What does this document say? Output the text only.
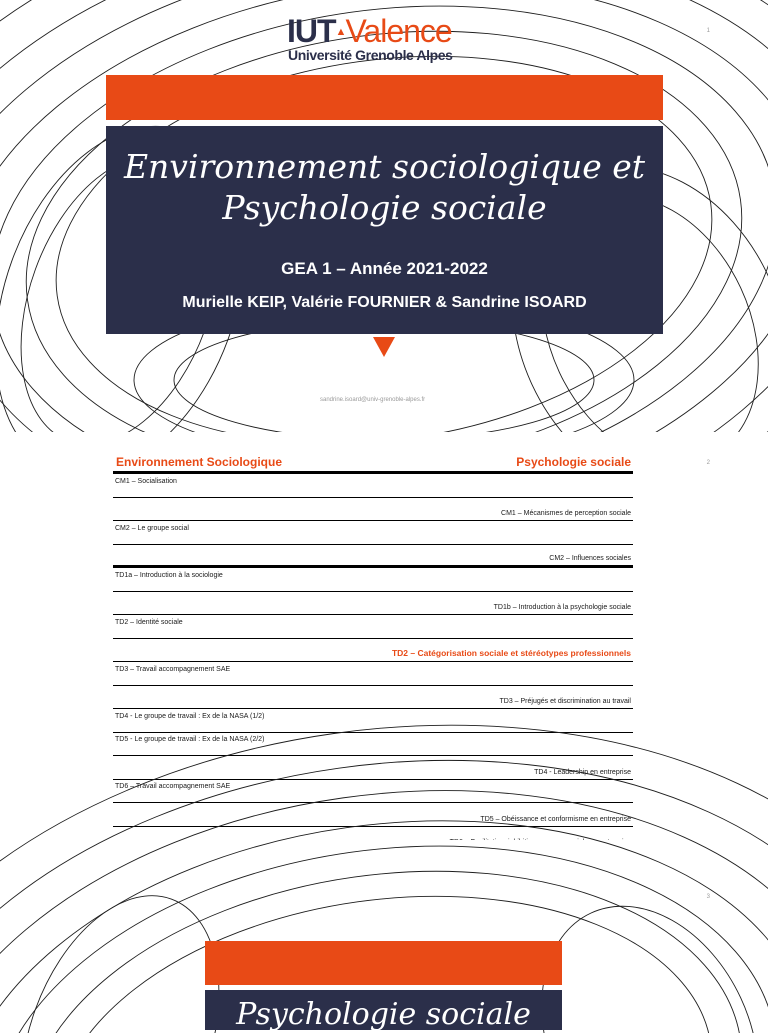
1
IUT▲Valence
Université Grenoble Alpes
Environnement sociologique et
Psychologie sociale
GEA 1 – Année 2021-2022
Murielle KEIP, Valérie FOURNIER & Sandrine ISOARD
sandrine.isoard@univ-grenoble-alpes.fr
2
Environnement Sociologique	Psychologie sociale
CM1 – Socialisation
CM1 – Mécanismes de perception sociale
CM2 – Le groupe social
CM2 – Influences sociales
TD1a – Introduction à la sociologie
TD1b – Introduction à la psychologie sociale
TD2 – Identité sociale
TD2 – Catégorisation sociale et stéréotypes professionnels
TD3 – Travail accompagnement SAE
TD3 – Préjugés et discrimination au travail
TD4 - Le groupe de travail : Ex de la NASA (1/2)
TD5 - Le groupe de travail : Ex de la NASA (2/2)
TD4 - Leadership en entreprise
TD6 – Travail accompagnement SAE
TD5 – Obéissance et conformisme en entreprise
3
Psychologie sociale
